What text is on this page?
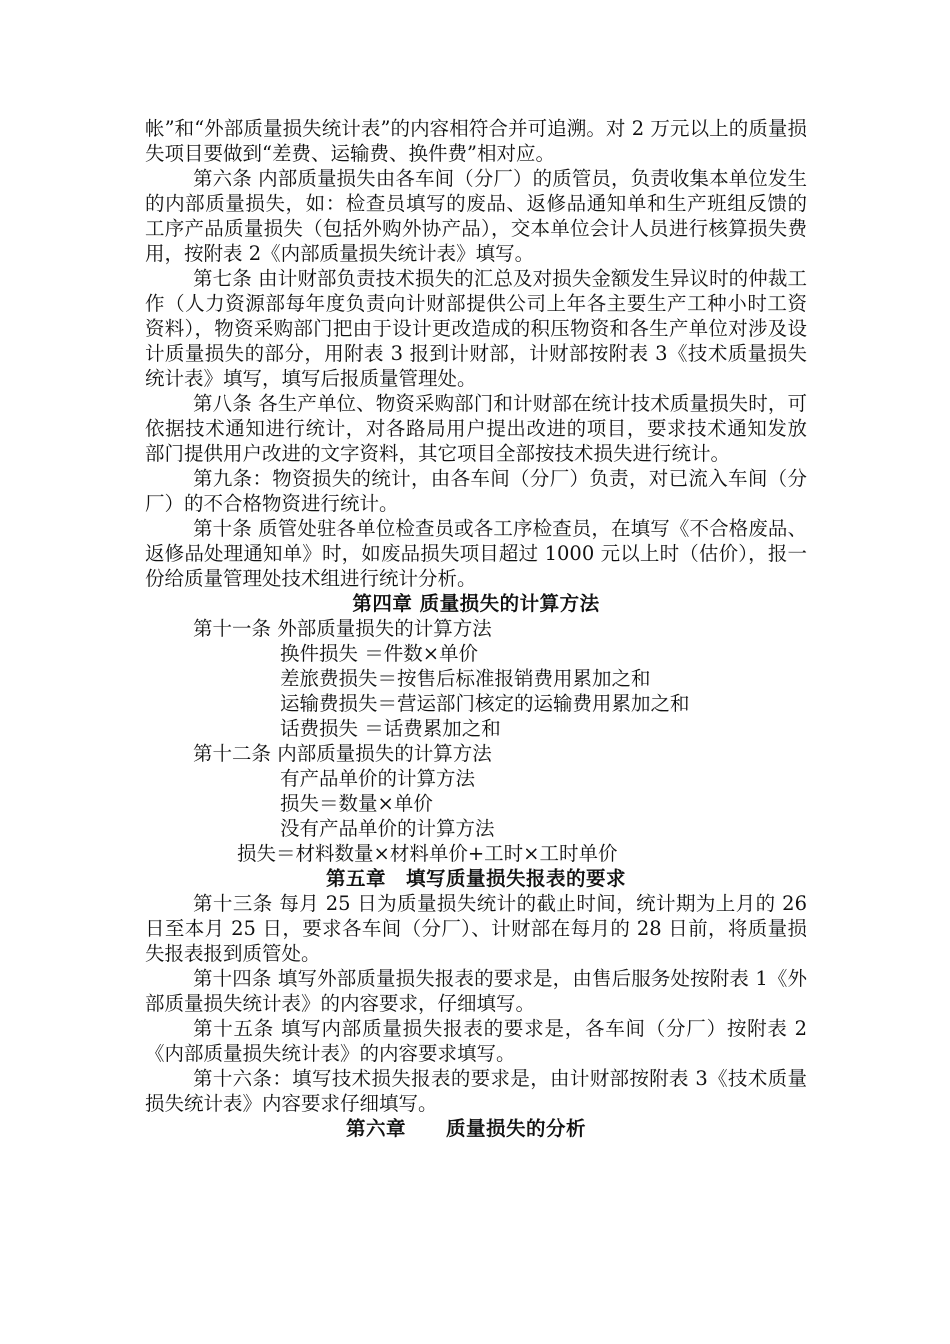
帐”和“外部质量损失统计表”的内容相符合并可追溯。对 2 万元以上的质量损失项目要做到“差费、运输费、换件费”相对应。

第六条 内部质量损失由各车间（分厂）的质管员，负责收集本单位发生的内部质量损失，如：检查员填写的废品、返修品通知单和生产班组反馈的工序产品质量损失（包括外购外协产品），交本单位会计人员进行核算损失费用，按附表 2《内部质量损失统计表》填写。

第七条 由计财部负责技术损失的汇总及对损失金额发生异议时的仲裁工作（人力资源部每年度负责向计财部提供公司上年各主要生产工种小时工资资料），物资采购部门把由于设计更改造成的积压物资和各生产单位对涉及设计质量损失的部分，用附表 3 报到计财部，计财部按附表 3《技术质量损失统计表》填写，填写后报质量管理处。

第八条 各生产单位、物资采购部门和计财部在统计技术质量损失时，可依据技术通知进行统计，对各路局用户提出改进的项目，要求技术通知发放部门提供用户改进的文字资料，其它项目全部按技术损失进行统计。

第九条：物资损失的统计，由各车间（分厂）负责，对已流入车间（分厂）的不合格物资进行统计。

第十条 质管处驻各单位检查员或各工序检查员，在填写《不合格废品、返修品处理通知单》时，如废品损失项目超过 1000 元以上时（估价），报一份给质量管理处技术组进行统计分析。

第四章 质量损失的计算方法

第十一条 外部质量损失的计算方法

换件损失 ＝件数×单价

差旅费损失＝按售后标准报销费用累加之和

运输费损失＝营运部门核定的运输费用累加之和

话费损失 ＝话费累加之和

第十二条 内部质量损失的计算方法

有产品单价的计算方法

损失＝数量×单价

没有产品单价的计算方法

损失＝材料数量×材料单价+工时×工时单价

第五章　填写质量损失报表的要求

第十三条 每月 25 日为质量损失统计的截止时间，统计期为上月的 26 日至本月 25 日，要求各车间（分厂）、计财部在每月的 28 日前，将质量损失报表报到质管处。

第十四条 填写外部质量损失报表的要求是，由售后服务处按附表 1《外部质量损失统计表》的内容要求，仔细填写。

第十五条 填写内部质量损失报表的要求是，各车间（分厂）按附表 2《内部质量损失统计表》的内容要求填写。

第十六条：填写技术损失报表的要求是，由计财部按附表 3《技术质量损失统计表》内容要求仔细填写。

第六章　　质量损失的分析
